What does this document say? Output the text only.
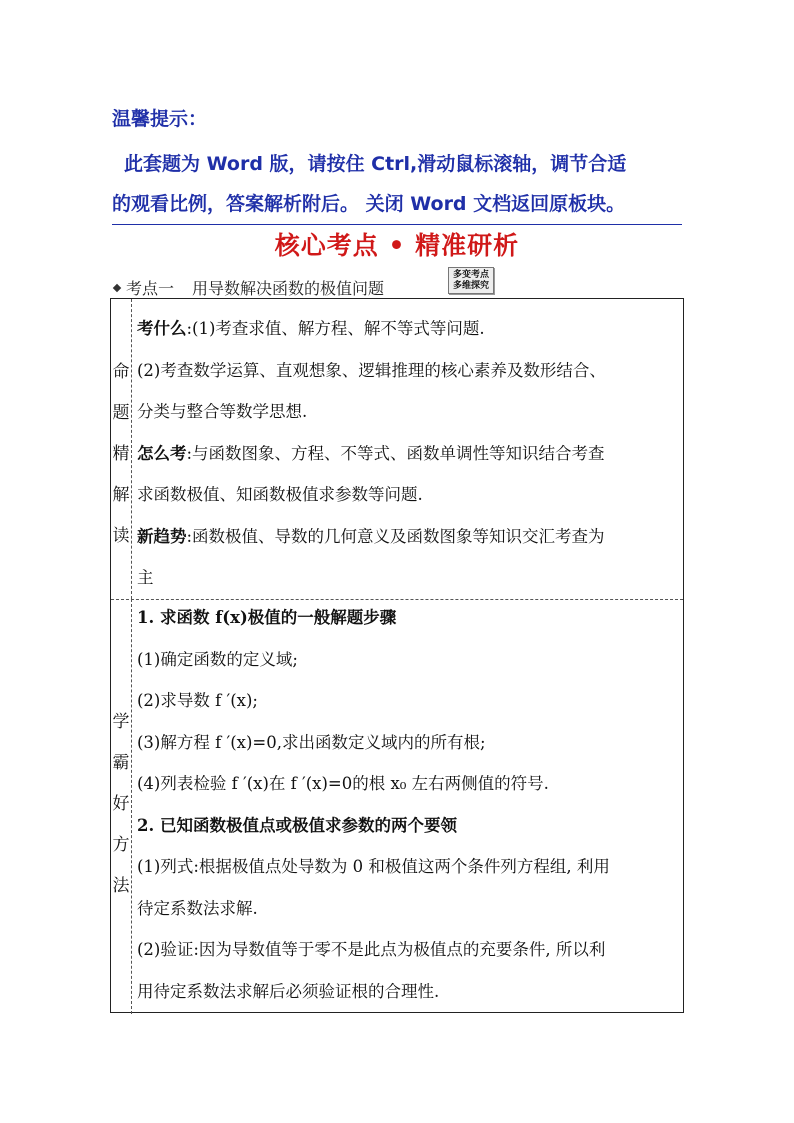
温馨提示：
此套题为 Word 版，请按住 Ctrl,滑动鼠标滚轴，调节合适
的观看比例，答案解析附后。 关闭 Word 文档返回原板块。
核心考点 • 精准研析
考点一 用导数解决函数的极值问题
多变考点
多维探究
命
题
精
解
读

考什么:(1)考查求值、解方程、解不等式等问题.

(2)考查数学运算、直观想象、逻辑推理的核心素养及数形结合、

分类与整合等数学思想.

怎么考:与函数图象、方程、不等式、函数单调性等知识结合考查

求函数极值、知函数极值求参数等问题.

新趋势:函数极值、导数的几何意义及函数图象等知识交汇考查为

主

学
霸
好
方
法

1. 求函数 f(x)极值的一般解题步骤

(1)确定函数的定义域;

(2)求导数 f ′(x);

(3)解方程 f ′(x)=0,求出函数定义域内的所有根;

(4)列表检验 f ′(x)在 f ′(x)=0的根 x₀ 左右两侧值的符号.

2. 已知函数极值点或极值求参数的两个要领

(1)列式:根据极值点处导数为 0 和极值这两个条件列方程组, 利用

待定系数法求解.

(2)验证:因为导数值等于零不是此点为极值点的充要条件, 所以利

用待定系数法求解后必须验证根的合理性.
